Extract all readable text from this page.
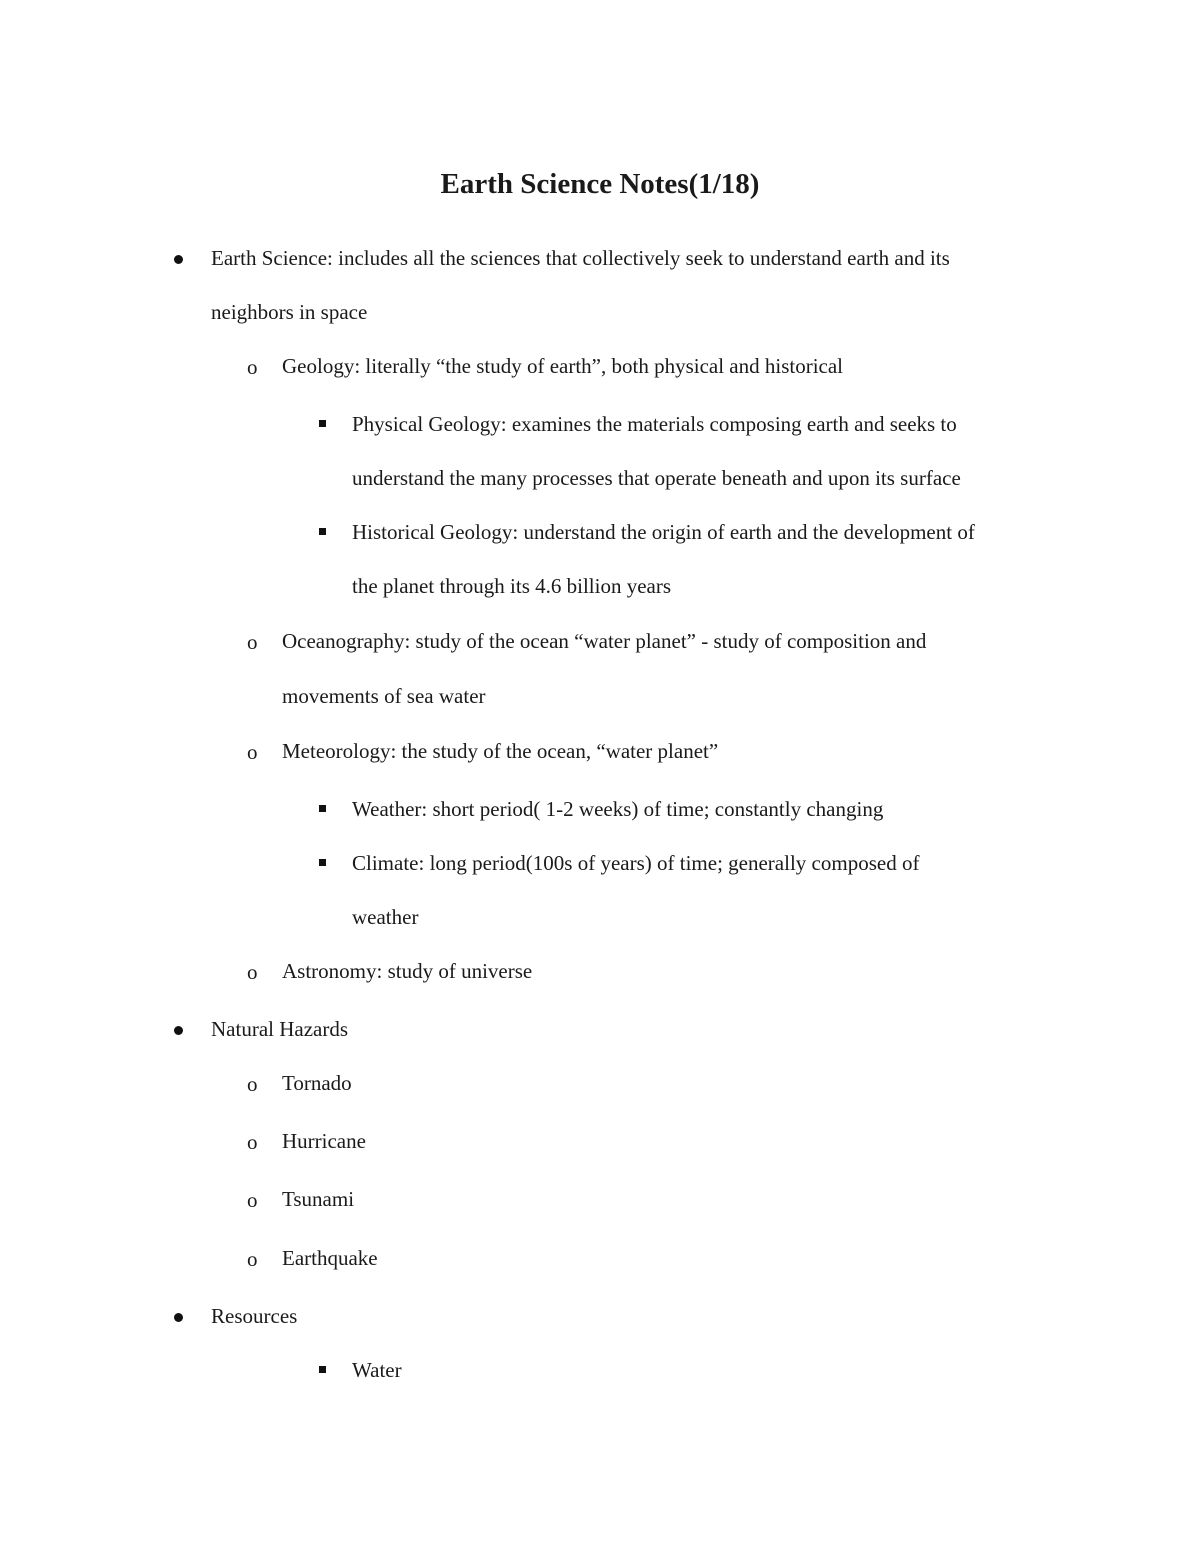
Earth Science Notes(1/18)
Earth Science: includes all the sciences that collectively seek to understand earth and its
neighbors in space
o Geology: literally “the study of earth”, both physical and historical
Physical Geology: examines the materials composing earth and seeks to
understand the many processes that operate beneath and upon its surface
Historical Geology: understand the origin of earth and the development of
the planet through its 4.6 billion years
o Oceanography: study of the ocean “water planet” - study of composition and
movements of sea water
o Meteorology: the study of the ocean, “water planet”
Weather: short period( 1-2 weeks) of time; constantly changing
Climate: long period(100s of years) of time; generally composed of
weather
o Astronomy: study of universe
Natural Hazards
o Tornado
o Hurricane
o Tsunami
o Earthquake
Resources
Water
